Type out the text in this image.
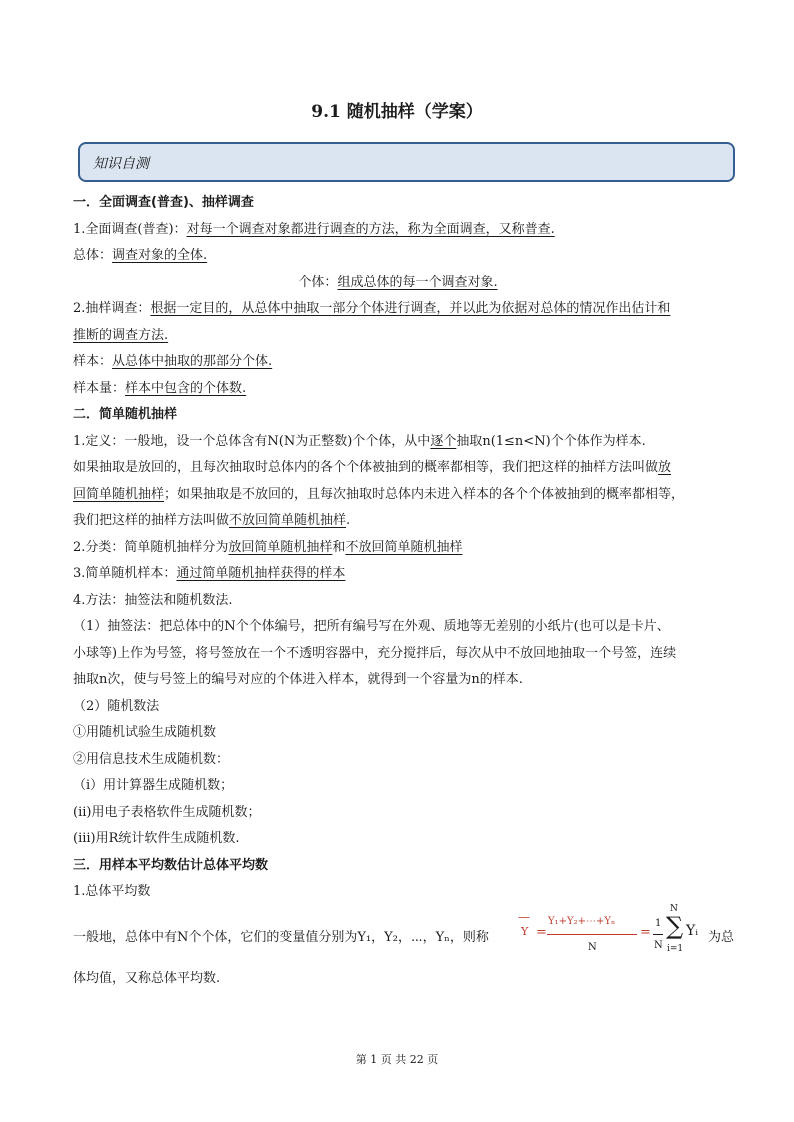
9.1 随机抽样（学案）
知识自测
一．全面调查(普查)、抽样调查
1.全面调查(普查)：对每一个调查对象都进行调查的方法，称为全面调查，又称普查.
总体：调查对象的全体.
个体：组成总体的每一个调查对象.
2.抽样调查：根据一定目的，从总体中抽取一部分个体进行调查，并以此为依据对总体的情况作出估计和
推断的调查方法.
样本：从总体中抽取的那部分个体.
样本量：样本中包含的个体数.
二．简单随机抽样
1.定义：一般地，设一个总体含有N(N为正整数)个个体，从中逐个抽取n(1≤n<N)个个体作为样本.
如果抽取是放回的，且每次抽取时总体内的各个个体被抽到的概率都相等，我们把这样的抽样方法叫做放
回简单随机抽样；如果抽取是不放回的，且每次抽取时总体内未进入样本的各个个体被抽到的概率都相等，
我们把这样的抽样方法叫做不放回简单随机抽样.
2.分类：简单随机抽样分为放回简单随机抽样和不放回简单随机抽样
3.简单随机样本：通过简单随机抽样获得的样本
4.方法：抽签法和随机数法.
（1）抽签法：把总体中的N个个体编号，把所有编号写在外观、质地等无差别的小纸片(也可以是卡片、
小球等)上作为号签，将号签放在一个不透明容器中，充分搅拌后，每次从中不放回地抽取一个号签，连续
抽取n次，使与号签上的编号对应的个体进入样本，就得到一个容量为n的样本.
（2）随机数法
①用随机试验生成随机数
②用信息技术生成随机数：
（i）用计算器生成随机数；
(ii)用电子表格软件生成随机数；
(iii)用R统计软件生成随机数.
三．用样本平均数估计总体平均数
1.总体平均数
一般地，总体中有N个个体，它们的变量值分别为Y₁，Y₂，⋯，Yₙ，则称
—
Y =
Y₁+Y₂+⋯+Yₙ
N
=
1
N
N
∑
i=1
Yᵢ 为总
体均值，又称总体平均数.
第 1 页 共 22 页
